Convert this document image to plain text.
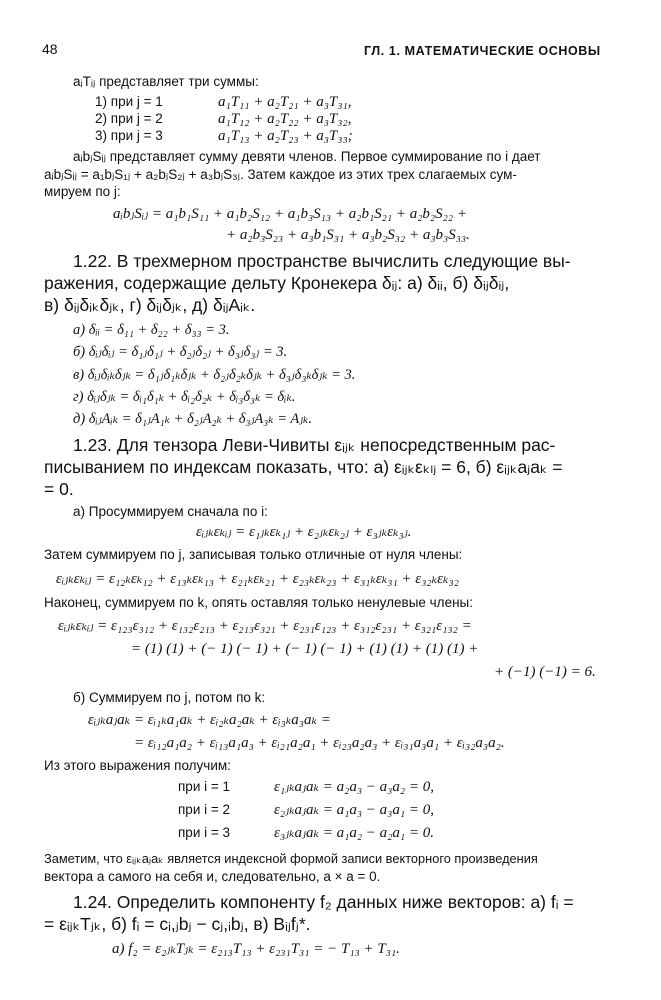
48	ГЛ. 1. МАТЕМАТИЧЕСКИЕ ОСНОВЫ
aᵢTᵢⱼ представляет три суммы:
1) при j = 1	a₁T₁₁ + a₂T₂₁ + a₃T₃₁,
2) при j = 2	a₁T₁₂ + a₂T₂₂ + a₃T₃₂,
3) при j = 3	a₁T₁₃ + a₂T₂₃ + a₃T₃₃;
aᵢbⱼSᵢⱼ представляет сумму девяти членов. Первое суммирование по i дает
aᵢbⱼSᵢⱼ = a₁bⱼS₁ⱼ + a₂bⱼS₂ⱼ + a₃bⱼS₃ⱼ. Затем каждое из этих трех слагаемых сум-
мируем по j:
aᵢbⱼSᵢⱼ = a₁b₁S₁₁ + a₁b₂S₁₂ + a₁b₃S₁₃ + a₂b₁S₂₁ + a₂b₂S₂₂ +
+ a₂b₃S₂₃ + a₃b₁S₃₁ + a₃b₂S₃₂ + a₃b₃S₃₃.
1.22. В трехмерном пространстве вычислить следующие вы-
ражения, содержащие дельту Кронекера δᵢⱼ: а) δᵢᵢ, б) δᵢⱼδᵢⱼ,
в) δᵢⱼδᵢₖδⱼₖ, г) δᵢⱼδⱼₖ, д) δᵢⱼAᵢₖ.
а) δᵢᵢ = δ₁₁ + δ₂₂ + δ₃₃ = 3.
б) δᵢⱼδᵢⱼ = δ₁ⱼδ₁ⱼ + δ₂ⱼδ₂ⱼ + δ₃ⱼδ₃ⱼ = 3.
в) δᵢⱼδᵢₖδⱼₖ = δ₁ⱼδ₁ₖδⱼₖ + δ₂ⱼδ₂ₖδⱼₖ + δ₃ⱼδ₃ₖδⱼₖ = 3.
г) δᵢⱼδⱼₖ = δᵢ₁δ₁ₖ + δᵢ₂δ₂ₖ + δᵢ₃δ₃ₖ = δᵢₖ.
д) δᵢⱼAᵢₖ = δ₁ⱼA₁ₖ + δ₂ⱼA₂ₖ + δ₃ⱼA₃ₖ = Aⱼₖ.
1.23. Для тензора Леви-Чивиты εᵢⱼₖ непосредственным рас-
писыванием по индексам показать, что: а) εᵢⱼₖεₖₗⱼ = 6, б) εᵢⱼₖaⱼaₖ =
= 0.
а) Просуммируем сначала по i:
εᵢⱼₖεₖᵢⱼ = ε₁ⱼₖεₖ₁ⱼ + ε₂ⱼₖεₖ₂ⱼ + ε₃ⱼₖεₖ₃ⱼ.
Затем суммируем по j, записывая только отличные от нуля члены:
εᵢⱼₖεₖᵢⱼ = ε₁₂ₖεₖ₁₂ + ε₁₃ₖεₖ₁₃ + ε₂₁ₖεₖ₂₁ + ε₂₃ₖεₖ₂₃ + ε₃₁ₖεₖ₃₁ + ε₃₂ₖεₖ₃₂
Наконец, суммируем по k, опять оставляя только ненулевые члены:
εᵢⱼₖεₖᵢⱼ = ε₁₂₃ε₃₁₂ + ε₁₃₂ε₂₁₃ + ε₂₁₃ε₃₂₁ + ε₂₃₁ε₁₂₃ + ε₃₁₂ε₂₃₁ + ε₃₂₁ε₁₃₂ =
= (1) (1) + (− 1) (− 1) + (− 1) (− 1) + (1) (1) + (1) (1) +
+ (−1) (−1) = 6.
б) Суммируем по j, потом по k:
εᵢⱼₖaⱼaₖ = εᵢ₁ₖa₁aₖ + εᵢ₂ₖa₂aₖ + εᵢ₃ₖa₃aₖ =
= εᵢ₁₂a₁a₂ + εᵢ₁₃a₁a₃ + εᵢ₂₁a₂a₁ + εᵢ₂₃a₂a₃ + εᵢ₃₁a₃a₁ + εᵢ₃₂a₃a₂.
Из этого выражения получим:
при i = 1	ε₁ⱼₖaⱼaₖ = a₂a₃ − a₃a₂ = 0,
при i = 2	ε₂ⱼₖaⱼaₖ = a₁a₃ − a₃a₁ = 0,
при i = 3	ε₃ⱼₖaⱼaₖ = a₁a₂ − a₂a₁ = 0.
Заметим, что εᵢⱼₖaⱼaₖ является индексной формой записи векторного произведения
вектора a самого на себя и, следовательно, a × a = 0.
1.24. Определить компоненту f₂ данных ниже векторов: а) fᵢ =
= εᵢⱼₖTⱼₖ, б) fᵢ = cᵢ,ⱼbⱼ − cⱼ,ᵢbⱼ, в) Bᵢⱼfⱼ*.
а) f₂ = ε₂ⱼₖTⱼₖ = ε₂₁₃T₁₃ + ε₂₃₁T₃₁ = − T₁₃ + T₃₁.
